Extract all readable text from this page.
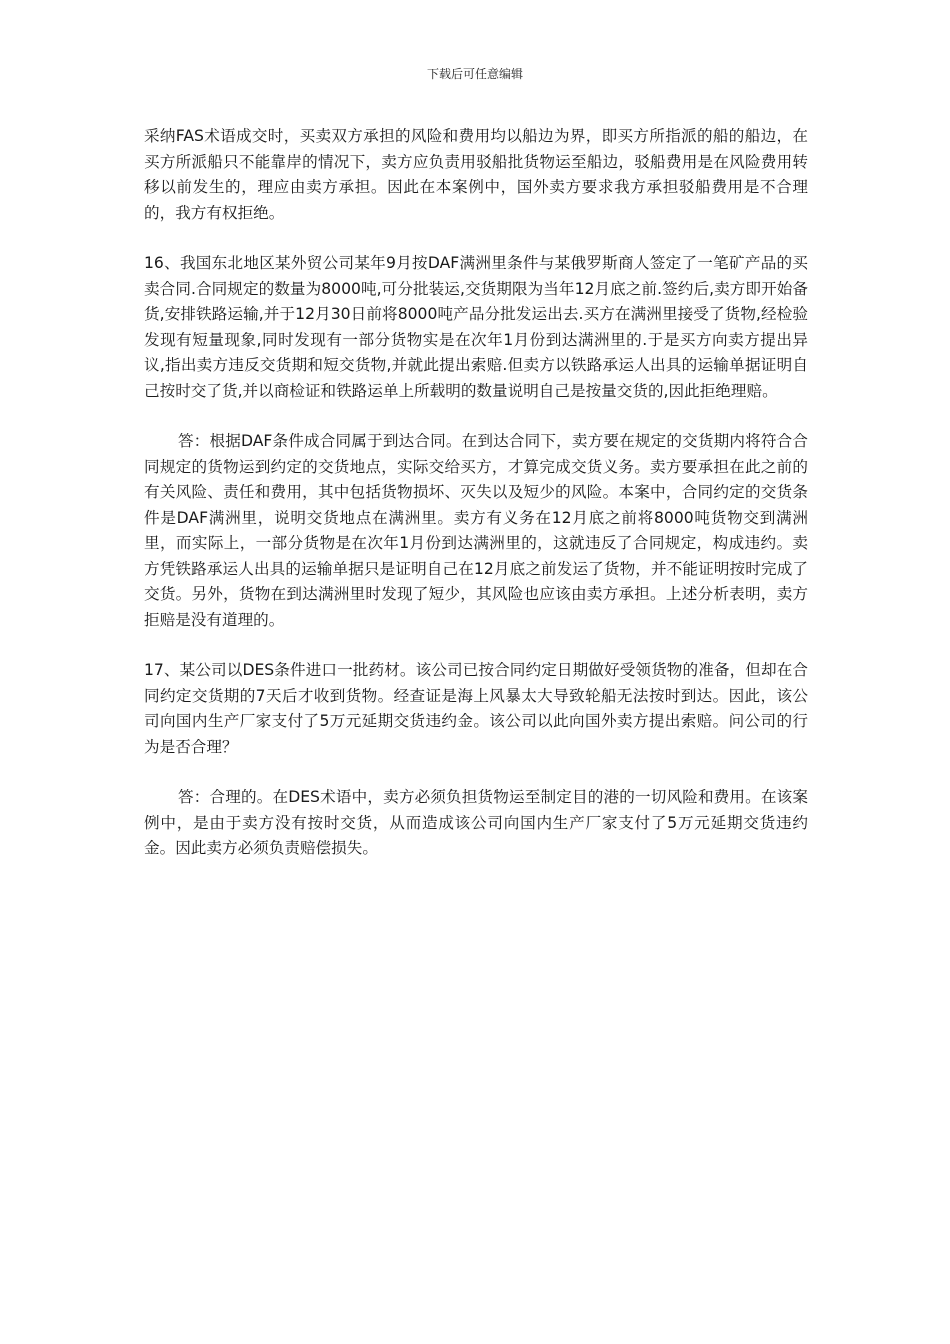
下载后可任意编辑

采纳FAS术语成交时，买卖双方承担的风险和费用均以船边为界，即买方所指派的船的船边，在买方所派船只不能靠岸的情况下，卖方应负责用驳船批货物运至船边，驳船费用是在风险费用转移以前发生的，理应由卖方承担。因此在本案例中，国外卖方要求我方承担驳船费用是不合理的，我方有权拒绝。

16、我国东北地区某外贸公司某年9月按DAF满洲里条件与某俄罗斯商人签定了一笔矿产品的买卖合同.合同规定的数量为8000吨,可分批装运,交货期限为当年12月底之前.签约后,卖方即开始备货,安排铁路运输,并于12月30日前将8000吨产品分批发运出去.买方在满洲里接受了货物,经检验发现有短量现象,同时发现有一部分货物实是在次年1月份到达满洲里的.于是买方向卖方提出异议,指出卖方违反交货期和短交货物,并就此提出索赔.但卖方以铁路承运人出具的运输单据证明自己按时交了货,并以商检证和铁路运单上所载明的数量说明自己是按量交货的,因此拒绝理赔。

答：根据DAF条件成合同属于到达合同。在到达合同下，卖方要在规定的交货期内将符合合同规定的货物运到约定的交货地点，实际交给买方，才算完成交货义务。卖方要承担在此之前的有关风险、责任和费用，其中包括货物损坏、灭失以及短少的风险。本案中，合同约定的交货条件是DAF满洲里，说明交货地点在满洲里。卖方有义务在12月底之前将8000吨货物交到满洲里，而实际上，一部分货物是在次年1月份到达满洲里的，这就违反了合同规定，构成违约。卖方凭铁路承运人出具的运输单据只是证明自己在12月底之前发运了货物，并不能证明按时完成了交货。另外，货物在到达满洲里时发现了短少，其风险也应该由卖方承担。上述分析表明，卖方拒赔是没有道理的。

17、某公司以DES条件进口一批药材。该公司已按合同约定日期做好受领货物的准备，但却在合同约定交货期的7天后才收到货物。经查证是海上风暴太大导致轮船无法按时到达。因此，该公司向国内生产厂家支付了5万元延期交货违约金。该公司以此向国外卖方提出索赔。问公司的行为是否合理？

答：合理的。在DES术语中，卖方必须负担货物运至制定目的港的一切风险和费用。在该案例中，是由于卖方没有按时交货，从而造成该公司向国内生产厂家支付了5万元延期交货违约金。因此卖方必须负责赔偿损失。
